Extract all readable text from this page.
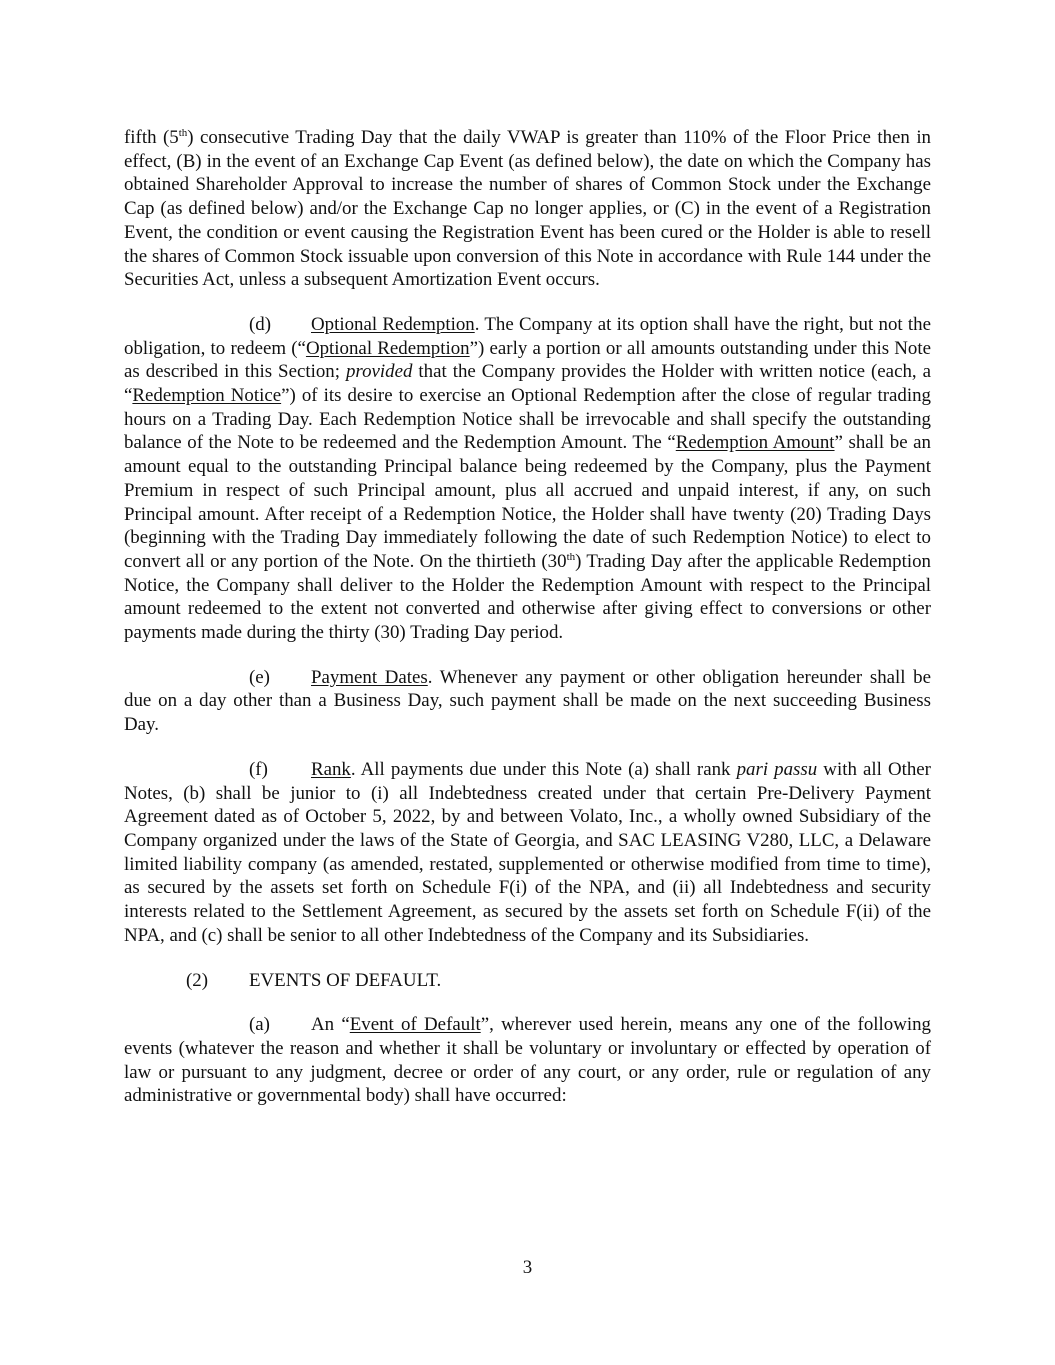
fifth (5th) consecutive Trading Day that the daily VWAP is greater than 110% of the Floor Price then in effect, (B) in the event of an Exchange Cap Event (as defined below), the date on which the Company has obtained Shareholder Approval to increase the number of shares of Common Stock under the Exchange Cap (as defined below) and/or the Exchange Cap no longer applies, or (C) in the event of a Registration Event, the condition or event causing the Registration Event has been cured or the Holder is able to resell the shares of Common Stock issuable upon conversion of this Note in accordance with Rule 144 under the Securities Act, unless a subsequent Amortization Event occurs.

(d) Optional Redemption. The Company at its option shall have the right, but not the obligation, to redeem (“Optional Redemption”) early a portion or all amounts outstanding under this Note as described in this Section; provided that the Company provides the Holder with written notice (each, a “Redemption Notice”) of its desire to exercise an Optional Redemption after the close of regular trading hours on a Trading Day. Each Redemption Notice shall be irrevocable and shall specify the outstanding balance of the Note to be redeemed and the Redemption Amount. The “Redemption Amount” shall be an amount equal to the outstanding Principal balance being redeemed by the Company, plus the Payment Premium in respect of such Principal amount, plus all accrued and unpaid interest, if any, on such Principal amount. After receipt of a Redemption Notice, the Holder shall have twenty (20) Trading Days (beginning with the Trading Day immediately following the date of such Redemption Notice) to elect to convert all or any portion of the Note. On the thirtieth (30th) Trading Day after the applicable Redemption Notice, the Company shall deliver to the Holder the Redemption Amount with respect to the Principal amount redeemed to the extent not converted and otherwise after giving effect to conversions or other payments made during the thirty (30) Trading Day period.

(e) Payment Dates. Whenever any payment or other obligation hereunder shall be due on a day other than a Business Day, such payment shall be made on the next succeeding Business Day.

(f) Rank. All payments due under this Note (a) shall rank pari passu with all Other Notes, (b) shall be junior to (i) all Indebtedness created under that certain Pre-Delivery Payment Agreement dated as of October 5, 2022, by and between Volato, Inc., a wholly owned Subsidiary of the Company organized under the laws of the State of Georgia, and SAC LEASING V280, LLC, a Delaware limited liability company (as amended, restated, supplemented or otherwise modified from time to time), as secured by the assets set forth on Schedule F(i) of the NPA, and (ii) all Indebtedness and security interests related to the Settlement Agreement, as secured by the assets set forth on Schedule F(ii) of the NPA, and (c) shall be senior to all other Indebtedness of the Company and its Subsidiaries.

(2) EVENTS OF DEFAULT.

(a) An “Event of Default”, wherever used herein, means any one of the following events (whatever the reason and whether it shall be voluntary or involuntary or effected by operation of law or pursuant to any judgment, decree or order of any court, or any order, rule or regulation of any administrative or governmental body) shall have occurred:

3
